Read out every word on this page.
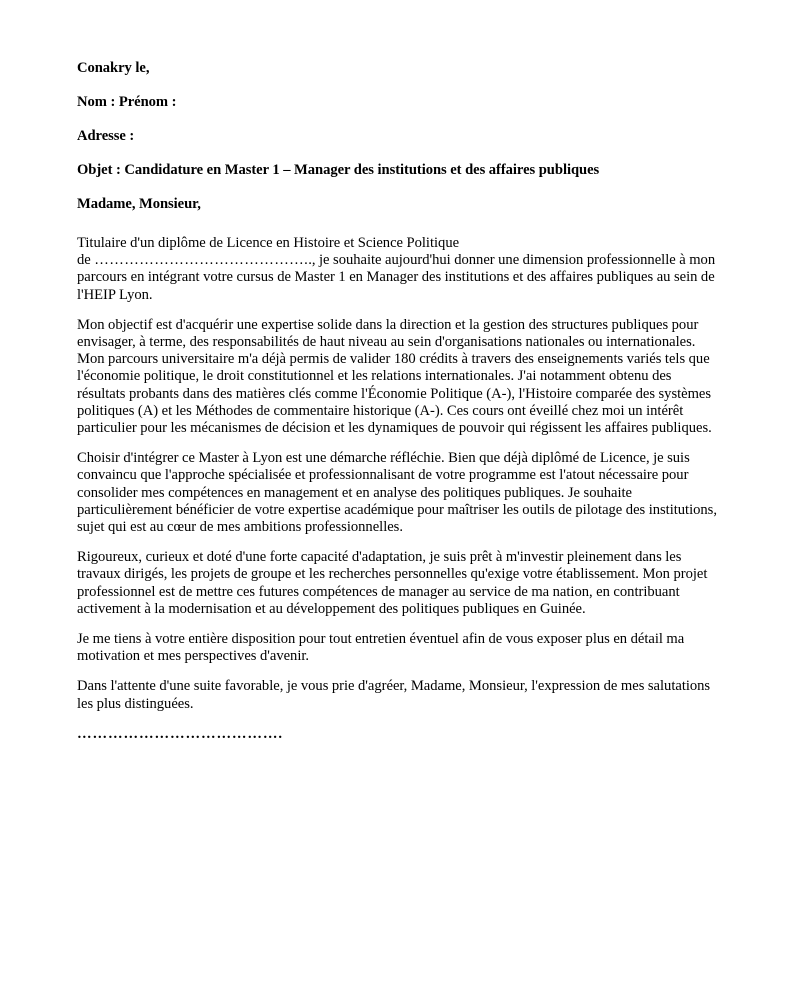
Conakry le,

Nom : Prénom :

Adresse :

Objet : Candidature en Master 1 – Manager des institutions et des affaires publiques

Madame, Monsieur,

Titulaire d'un diplôme de Licence en Histoire et Science Politique
de …………………………………….., je souhaite aujourd'hui donner une dimension professionnelle à mon parcours en intégrant votre cursus de Master 1 en Manager des institutions et des affaires publiques au sein de l'HEIP Lyon.

Mon objectif est d'acquérir une expertise solide dans la direction et la gestion des structures publiques pour envisager, à terme, des responsabilités de haut niveau au sein d'organisations nationales ou internationales. Mon parcours universitaire m'a déjà permis de valider 180 crédits à travers des enseignements variés tels que l'économie politique, le droit constitutionnel et les relations internationales. J'ai notamment obtenu des résultats probants dans des matières clés comme l'Économie Politique (A-), l'Histoire comparée des systèmes politiques (A) et les Méthodes de commentaire historique (A-). Ces cours ont éveillé chez moi un intérêt particulier pour les mécanismes de décision et les dynamiques de pouvoir qui régissent les affaires publiques.

Choisir d'intégrer ce Master à Lyon est une démarche réfléchie. Bien que déjà diplômé de Licence, je suis convaincu que l'approche spécialisée et professionnalisant de votre programme est l'atout nécessaire pour consolider mes compétences en management et en analyse des politiques publiques. Je souhaite particulièrement bénéficier de votre expertise académique pour maîtriser les outils de pilotage des institutions, sujet qui est au cœur de mes ambitions professionnelles.

Rigoureux, curieux et doté d'une forte capacité d'adaptation, je suis prêt à m'investir pleinement dans les travaux dirigés, les projets de groupe et les recherches personnelles qu'exige votre établissement. Mon projet professionnel est de mettre ces futures compétences de manager au service de ma nation, en contribuant activement à la modernisation et au développement des politiques publiques en Guinée.

Je me tiens à votre entière disposition pour tout entretien éventuel afin de vous exposer plus en détail ma motivation et mes perspectives d'avenir.

Dans l'attente d'une suite favorable, je vous prie d'agréer, Madame, Monsieur, l'expression de mes salutations les plus distinguées.

………………………………….
